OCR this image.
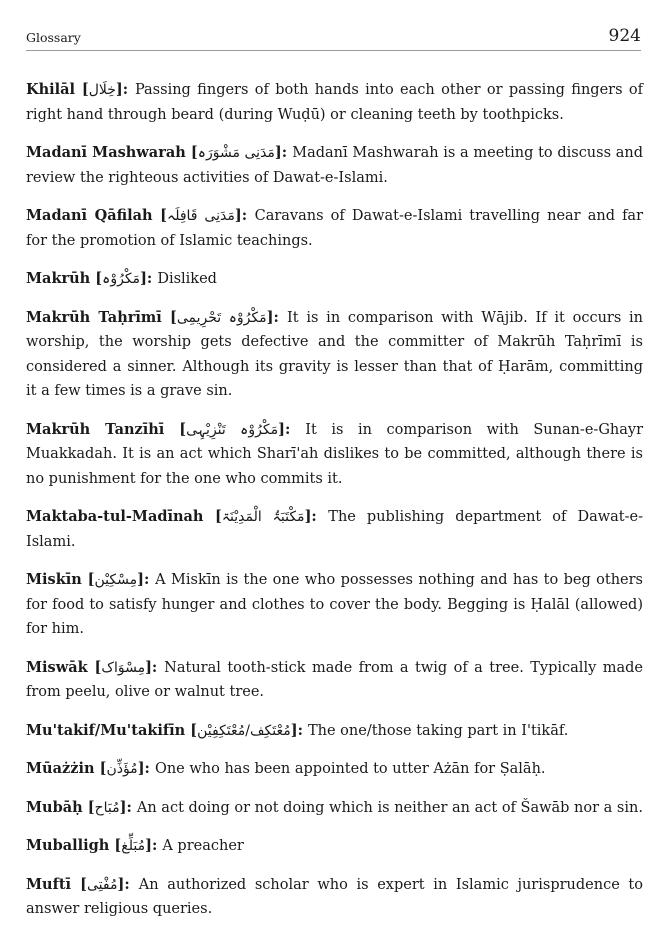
Glossary	924

Khilāl [خِلَال]: Passing fingers of both hands into each other or passing fingers of right hand through beard (during Wuḍū) or cleaning teeth by toothpicks.

Madanī Mashwarah [مَدَنِی مَشْوَرَہ]: Madanī Mashwarah is a meeting to discuss and review the righteous activities of Dawat-e-Islami.

Madanī Qāfilah [مَدَنِی قَافِلَہ]: Caravans of Dawat-e-Islami travelling near and far for the promotion of Islamic teachings.

Makrūh [مَکْرُوْہ]: Disliked

Makrūh Taḥrīmī [مَکْرُوْہ تَحْرِیمِی]: It is in comparison with Wājib. If it occurs in worship, the worship gets defective and the committer of Makrūh Taḥrīmī is considered a sinner. Although its gravity is lesser than that of Ḥarām, committing it a few times is a grave sin.

Makrūh Tanzīhī [مَکْرُوْہ تَنْزِیْہِی]: It is in comparison with Sunan-e-Ghayr Muakkadah. It is an act which Sharī'ah dislikes to be committed, although there is no punishment for the one who commits it.

Maktaba-tul-Madīnah [مَکْتَبَۃُ الْمَدِیْنَۃ]: The publishing department of Dawat-e-Islami.

Miskīn [مِسْکِیْن]: A Miskīn is the one who possesses nothing and has to beg others for food to satisfy hunger and clothes to cover the body. Begging is Ḥalāl (allowed) for him.

Miswāk [مِسْوَاک]: Natural tooth-stick made from a twig of a tree. Typically made from peelu, olive or walnut tree.

Mu'takif/Mu'takifīn [مُعْتَکِف/مُعْتَکِفِیْن]: The one/those taking part in I'tikāf.

Mūażżin [مُؤَذِّن]: One who has been appointed to utter Ażān for Ṣalāḥ.

Mubāḥ [مُبَاح]: An act doing or not doing which is neither an act of Šawāb nor a sin.

Muballigh [مُبَلِّغ]: A preacher

Muftī [مُفْتِی]: An authorized scholar who is expert in Islamic jurisprudence to answer religious queries.
